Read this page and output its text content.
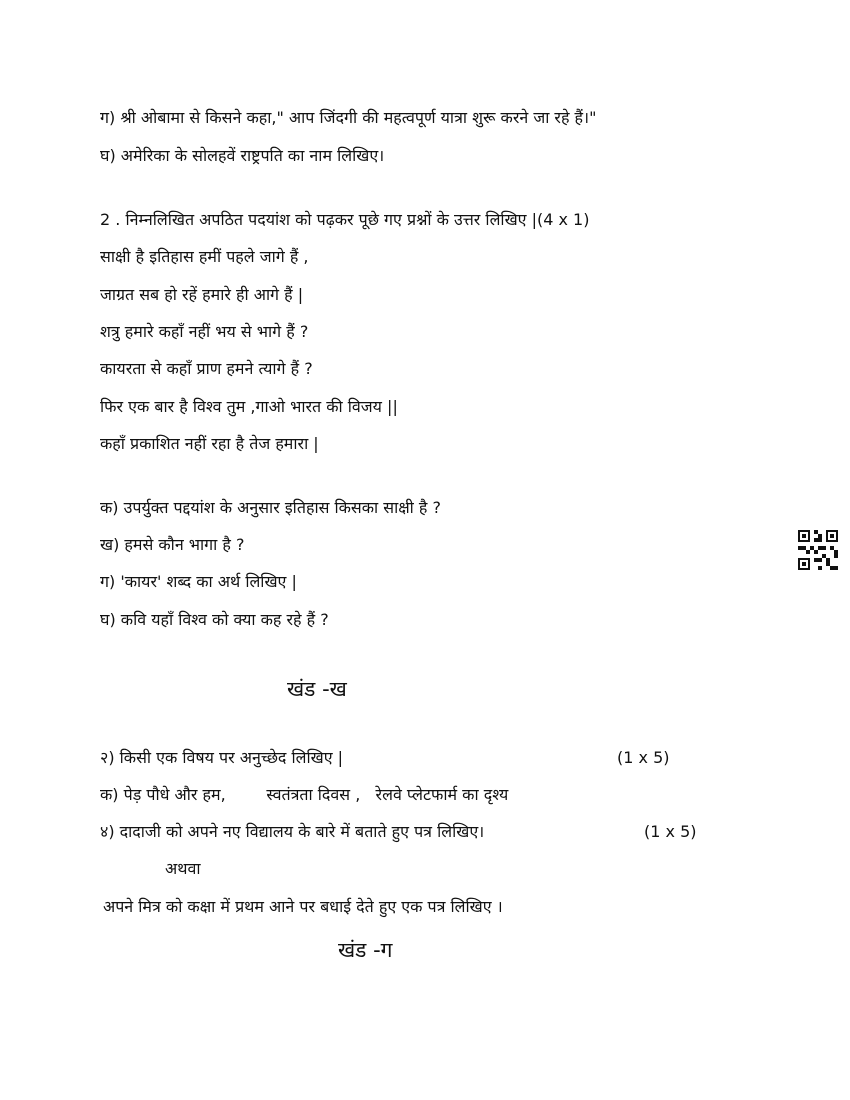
ग) श्री ओबामा से किसने कहा," आप जिंदगी की महत्वपूर्ण यात्रा शुरू करने जा रहे हैं।"
घ) अमेरिका के सोलहवें राष्ट्रपति का नाम लिखिए।
2 . निम्नलिखित अपठित पदयांश को पढ़कर पूछे गए प्रश्नों के उत्तर लिखिए |(4 x 1)
साक्षी है इतिहास हमीं पहले जागे हैं ,
जाग्रत सब हो रहें हमारे ही आगे हैं |
शत्रु हमारे कहाँ नहीं भय से भागे हैं ?
कायरता से कहाँ प्राण हमने त्यागे हैं ?
फिर एक बार है विश्व तुम ,गाओ भारत की विजय ||
कहाँ प्रकाशित नहीं रहा है तेज हमारा |
क) उपर्युक्त पद्दयांश के अनुसार इतिहास किसका साक्षी है ?
ख) हमसे कौन भागा है ?
ग) 'कायर' शब्द का अर्थ लिखिए |
घ) कवि यहाँ विश्व को क्या कह रहे हैं ?
खंड -ख
२) किसी एक विषय पर अनुच्छेद लिखिए |	(1 x 5)
क) पेड़ पौधे और हम,        स्वतंत्रता दिवस ,   रेलवे प्लेटफार्म का दृश्य
४) दादाजी को अपने नए विद्यालय के बारे में बताते हुए पत्र लिखिए।	(1 x 5)
अथवा
अपने मित्र को कक्षा में प्रथम आने पर बधाई देते हुए एक पत्र लिखिए ।
खंड -ग
